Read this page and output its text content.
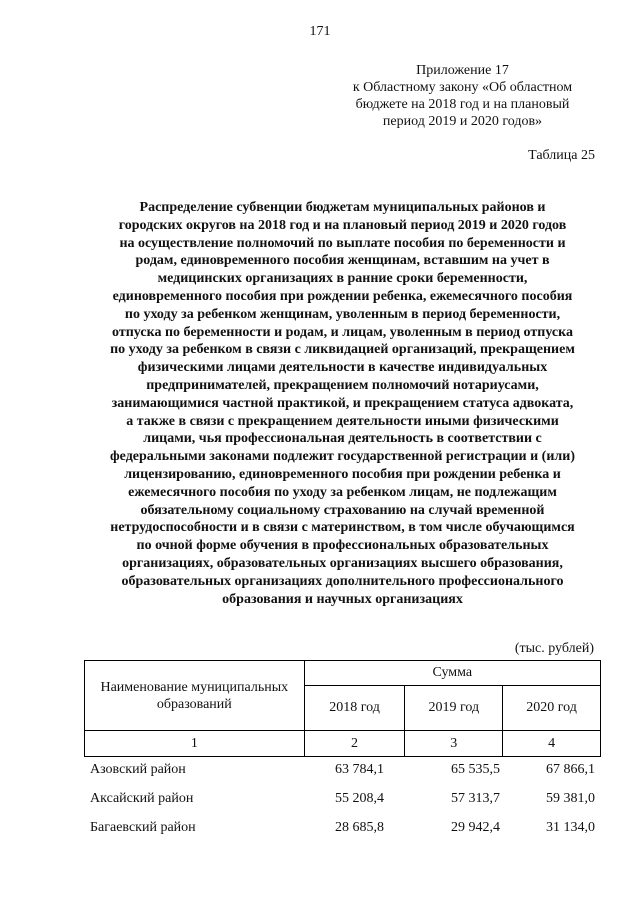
171
Приложение 17
к Областному закону «Об областном
бюджете на 2018 год и на плановый
период 2019 и 2020 годов»
Таблица 25
Распределение субвенции бюджетам муниципальных районов и
городских округов на 2018 год и на плановый период 2019 и 2020 годов
на осуществление полномочий по выплате пособия по беременности и
родам, единовременного пособия женщинам, вставшим на учет в
медицинских организациях в ранние сроки беременности,
единовременного пособия при рождении ребенка, ежемесячного пособия
по уходу за ребенком женщинам, уволенным в период беременности,
отпуска по беременности и родам, и лицам, уволенным в период отпуска
по уходу за ребенком в связи с ликвидацией организаций, прекращением
физическими лицами деятельности в качестве индивидуальных
предпринимателей, прекращением полномочий нотариусами,
занимающимися частной практикой, и прекращением статуса адвоката,
а также в связи с прекращением деятельности иными физическими
лицами, чья профессиональная деятельность в соответствии с
федеральными законами подлежит государственной регистрации и (или)
лицензированию, единовременного пособия при рождении ребенка и
ежемесячного пособия по уходу за ребенком лицам, не подлежащим
обязательному социальному страхованию на случай временной
нетрудоспособности и в связи с материнством, в том числе обучающимся
по очной форме обучения в профессиональных образовательных
организациях, образовательных организациях высшего образования,
образовательных организациях дополнительного профессионального
образования и научных организациях
(тыс. рублей)
Наименование муниципальных образований	Сумма		
	2018 год	2019 год	2020 год
1	2	3	4
Азовский район	63 784,1	65 535,5	67 866,1
Аксайский район	55 208,4	57 313,7	59 381,0
Багаевский район	28 685,8	29 942,4	31 134,0
